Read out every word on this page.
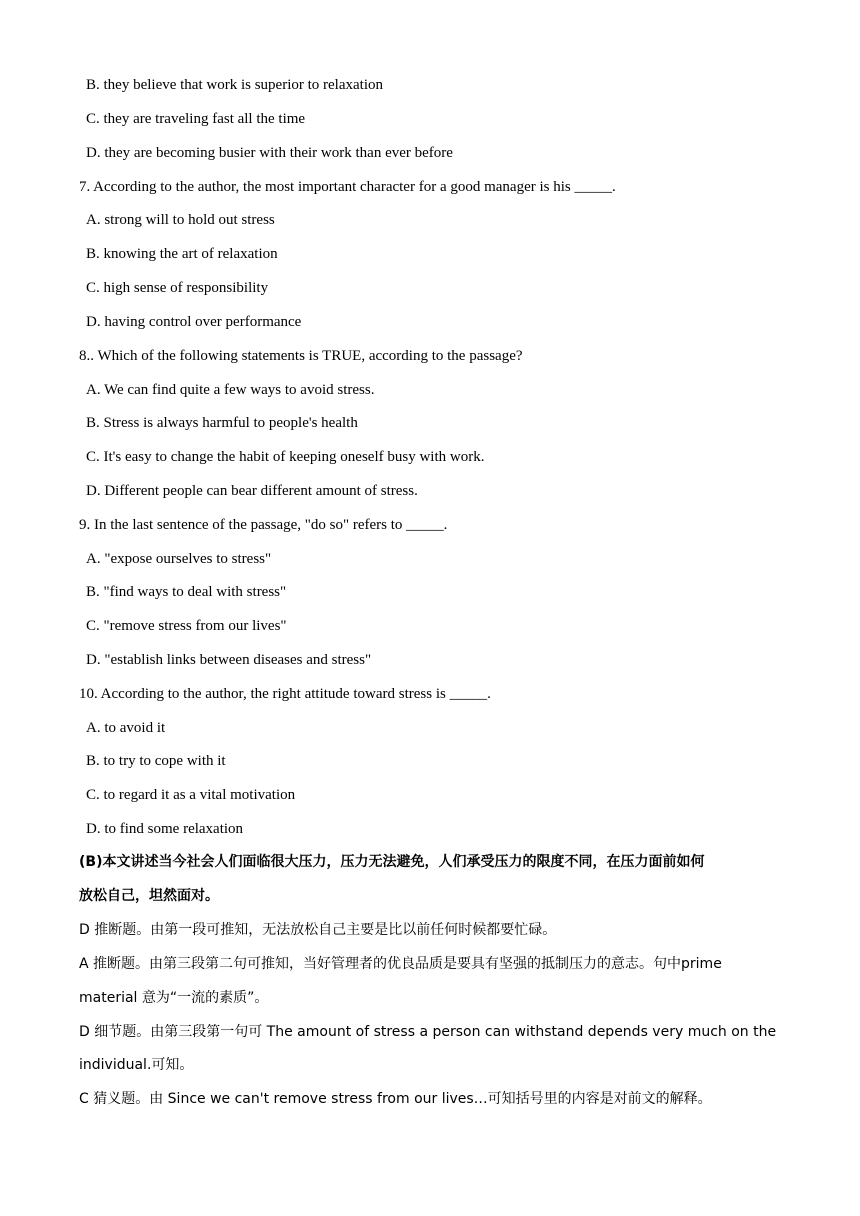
B. they believe that work is superior to relaxation
C. they are traveling fast all the time
D. they are becoming busier with their work than ever before
7. According to the author, the most important character for a good manager is his _____.
A. strong will to hold out stress
B. knowing the art of relaxation
C. high sense of responsibility
D. having control over performance
8.. Which of the following statements is TRUE, according to the passage?
A. We can find quite a few ways to avoid stress.
B. Stress is always harmful to people's health
C. It's easy to change the habit of keeping oneself busy with work.
D. Different people can bear different amount of stress.
9. In the last sentence of the passage, "do so" refers to _____.
A. "expose ourselves to stress"
B. "find ways to deal with stress"
C. "remove stress from our lives"
D. "establish links between diseases and stress"
10. According to the author, the right attitude toward stress is _____.
A. to avoid it
B. to try to cope with it
C. to regard it as a vital motivation
D. to find some relaxation
(B)本文讲述当今社会人们面临很大压力，压力无法避免，人们承受压力的限度不同，在压力面前如何
放松自己，坦然面对。
D 推断题。由第一段可推知，无法放松自己主要是比以前任何时候都要忙碌。
A 推断题。由第三段第二句可推知，当好管理者的优良品质是要具有坚强的抵制压力的意志。句中prime
material 意为“一流的素质”。
D 细节题。由第三段第一句可 The amount of stress a person can withstand depends very much on the
individual.可知。
C 猜义题。由 Since we can't remove stress from our lives…可知括号里的内容是对前文的解释。
